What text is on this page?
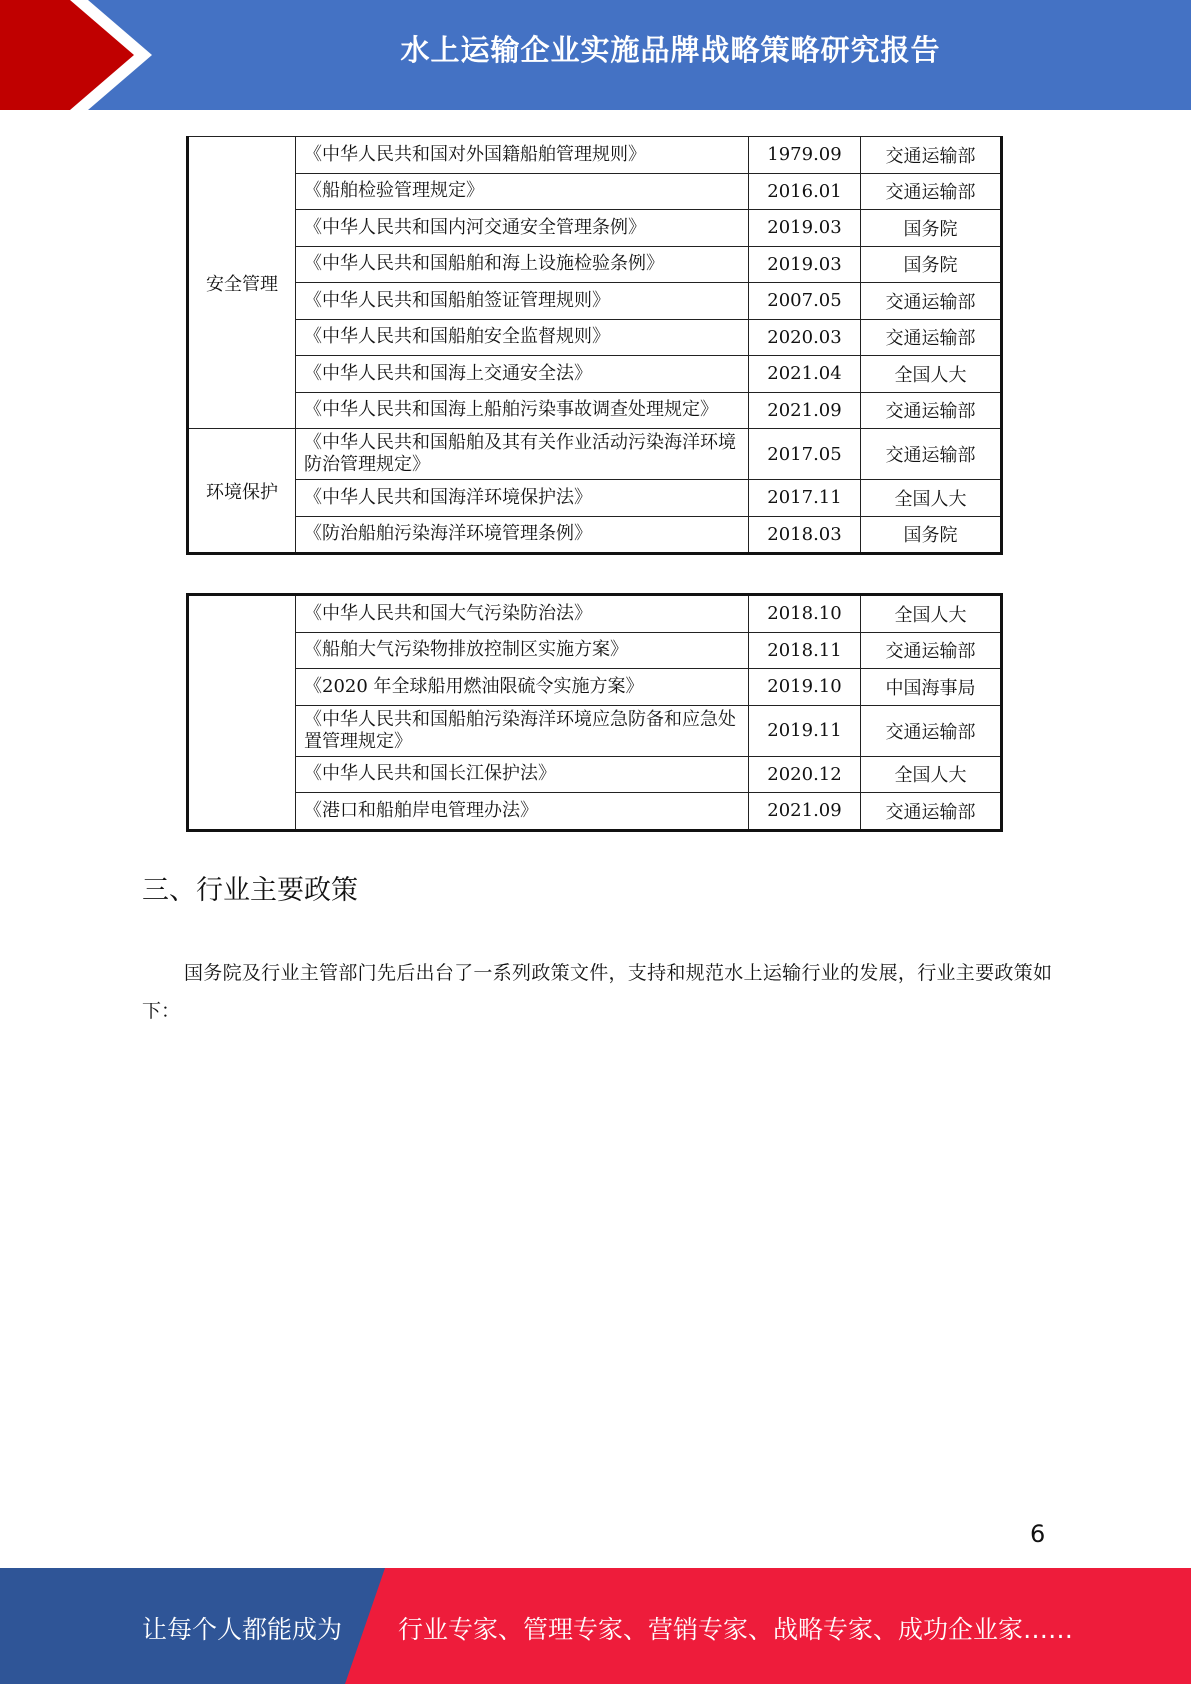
水上运输企业实施品牌战略策略研究报告
安全管理	《中华人民共和国对外国籍船舶管理规则》	1979.09	交通运输部
	《船舶检验管理规定》	2016.01	交通运输部
	《中华人民共和国内河交通安全管理条例》	2019.03	国务院
	《中华人民共和国船舶和海上设施检验条例》	2019.03	国务院
	《中华人民共和国船舶签证管理规则》	2007.05	交通运输部
	《中华人民共和国船舶安全监督规则》	2020.03	交通运输部
	《中华人民共和国海上交通安全法》	2021.04	全国人大
	《中华人民共和国海上船舶污染事故调查处理规定》	2021.09	交通运输部
环境保护	《中华人民共和国船舶及其有关作业活动污染海洋环境防治管理规定》	2017.05	交通运输部
	《中华人民共和国海洋环境保护法》	2017.11	全国人大
	《防治船舶污染海洋环境管理条例》	2018.03	国务院
	《中华人民共和国大气污染防治法》	2018.10	全国人大
	《船舶大气污染物排放控制区实施方案》	2018.11	交通运输部
	《2020 年全球船用燃油限硫令实施方案》	2019.10	中国海事局
	《中华人民共和国船舶污染海洋环境应急防备和应急处置管理规定》	2019.11	交通运输部
	《中华人民共和国长江保护法》	2020.12	全国人大
	《港口和船舶岸电管理办法》	2021.09	交通运输部
三、行业主要政策

国务院及行业主管部门先后出台了一系列政策文件，支持和规范水上运输行业的发展，行业主要政策如下：

6
让每个人都能成为 行业专家、管理专家、营销专家、战略专家、成功企业家……
